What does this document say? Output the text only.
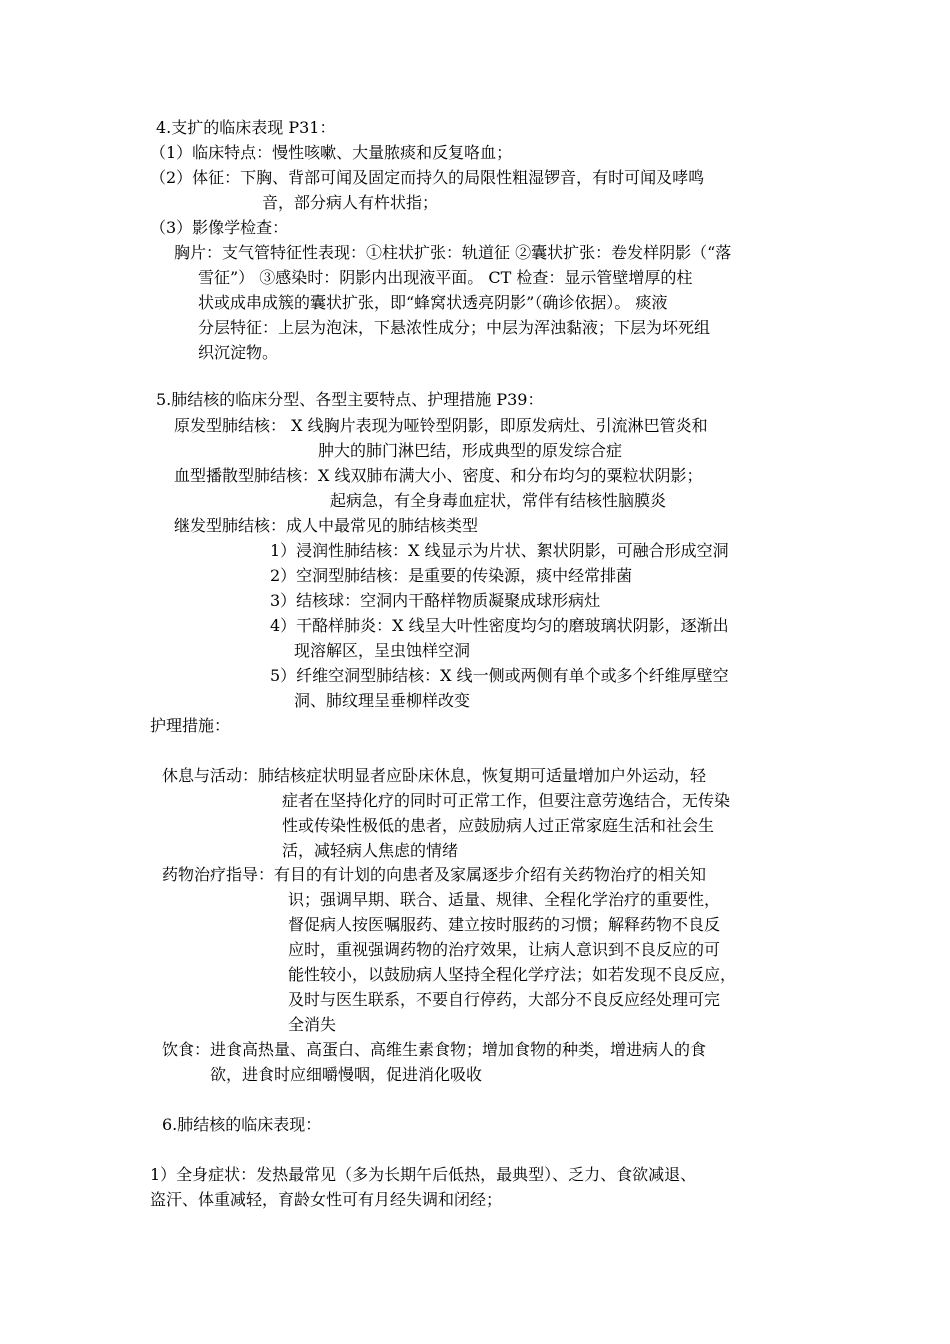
4.支扩的临床表现 P31：
（1）临床特点：慢性咳嗽、大量脓痰和反复咯血；
（2）体征：下胸、背部可闻及固定而持久的局限性粗湿锣音，有时可闻及哮鸣
音，部分病人有杵状指；
（3）影像学检查：
胸片：支气管特征性表现：①柱状扩张：轨道征 ②囊状扩张：卷发样阴影（“落
雪征”） ③感染时：阴影内出现液平面。 CT 检查：显示管壁增厚的柱
状或成串成簇的囊状扩张，即“蜂窝状透亮阴影”（确诊依据）。 痰液
分层特征：上层为泡沫，下悬浓性成分；中层为浑浊黏液；下层为坏死组
织沉淀物。
5.肺结核的临床分型、各型主要特点、护理措施 P39：
原发型肺结核： X 线胸片表现为哑铃型阴影，即原发病灶、引流淋巴管炎和
肿大的肺门淋巴结，形成典型的原发综合症
血型播散型肺结核：X 线双肺布满大小、密度、和分布均匀的粟粒状阴影；
起病急，有全身毒血症状，常伴有结核性脑膜炎
继发型肺结核：成人中最常见的肺结核类型
1）浸润性肺结核：X 线显示为片状、絮状阴影，可融合形成空洞
2）空洞型肺结核：是重要的传染源，痰中经常排菌
3）结核球：空洞内干酪样物质凝聚成球形病灶
4）干酪样肺炎：X 线呈大叶性密度均匀的磨玻璃状阴影，逐渐出
现溶解区，呈虫蚀样空洞
5）纤维空洞型肺结核：X 线一侧或两侧有单个或多个纤维厚壁空
洞、肺纹理呈垂柳样改变
护理措施：
休息与活动：肺结核症状明显者应卧床休息，恢复期可适量增加户外运动，轻
症者在坚持化疗的同时可正常工作，但要注意劳逸结合，无传染
性或传染性极低的患者，应鼓励病人过正常家庭生活和社会生
活，减轻病人焦虑的情绪
药物治疗指导：有目的有计划的向患者及家属逐步介绍有关药物治疗的相关知
识；强调早期、联合、适量、规律、全程化学治疗的重要性，
督促病人按医嘱服药、建立按时服药的习惯；解释药物不良反
应时，重视强调药物的治疗效果，让病人意识到不良反应的可
能性较小，以鼓励病人坚持全程化学疗法；如若发现不良反应，
及时与医生联系，不要自行停药，大部分不良反应经处理可完
全消失
饮食：进食高热量、高蛋白、高维生素食物；增加食物的种类，增进病人的食
欲，进食时应细嚼慢咽，促进消化吸收
6.肺结核的临床表现：
1）全身症状：发热最常见（多为长期午后低热，最典型）、乏力、食欲减退、
盗汗、体重减轻，育龄女性可有月经失调和闭经；
